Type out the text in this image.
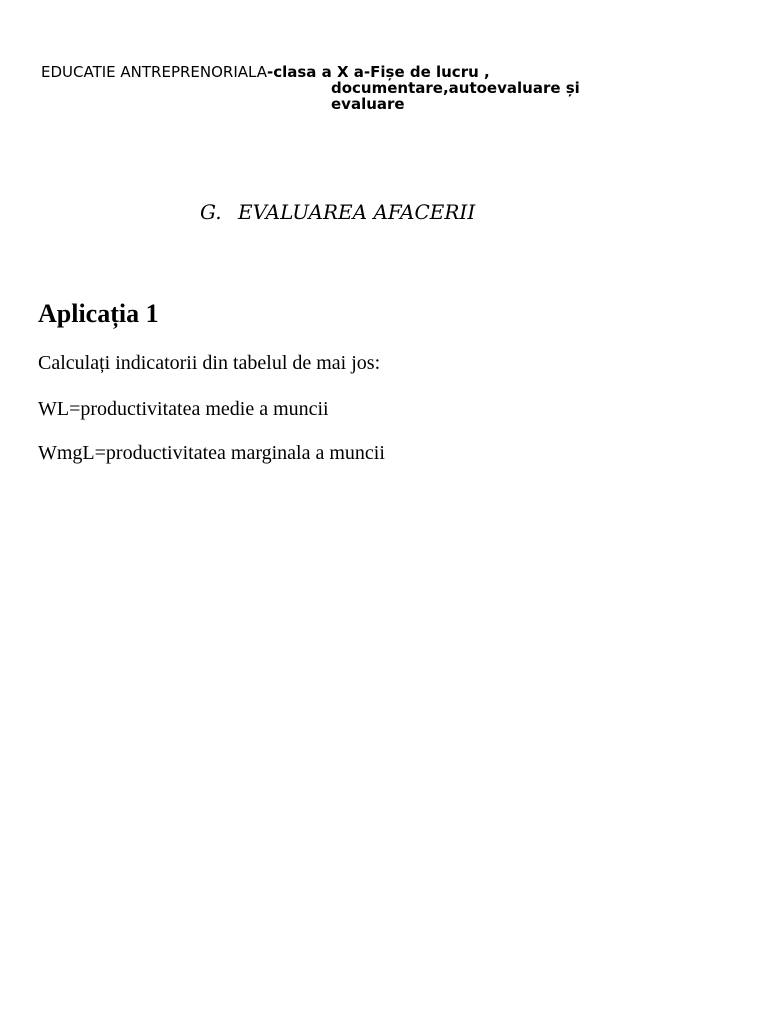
EDUCATIE ANTREPRENORIALA-clasa a X a-Fișe de lucru ,
documentare,autoevaluare și
evaluare
G. EVALUAREA AFACERII
Aplicația 1
Calculați indicatorii din tabelul de mai jos:
WL=productivitatea medie a muncii
WmgL=productivitatea marginala a muncii
